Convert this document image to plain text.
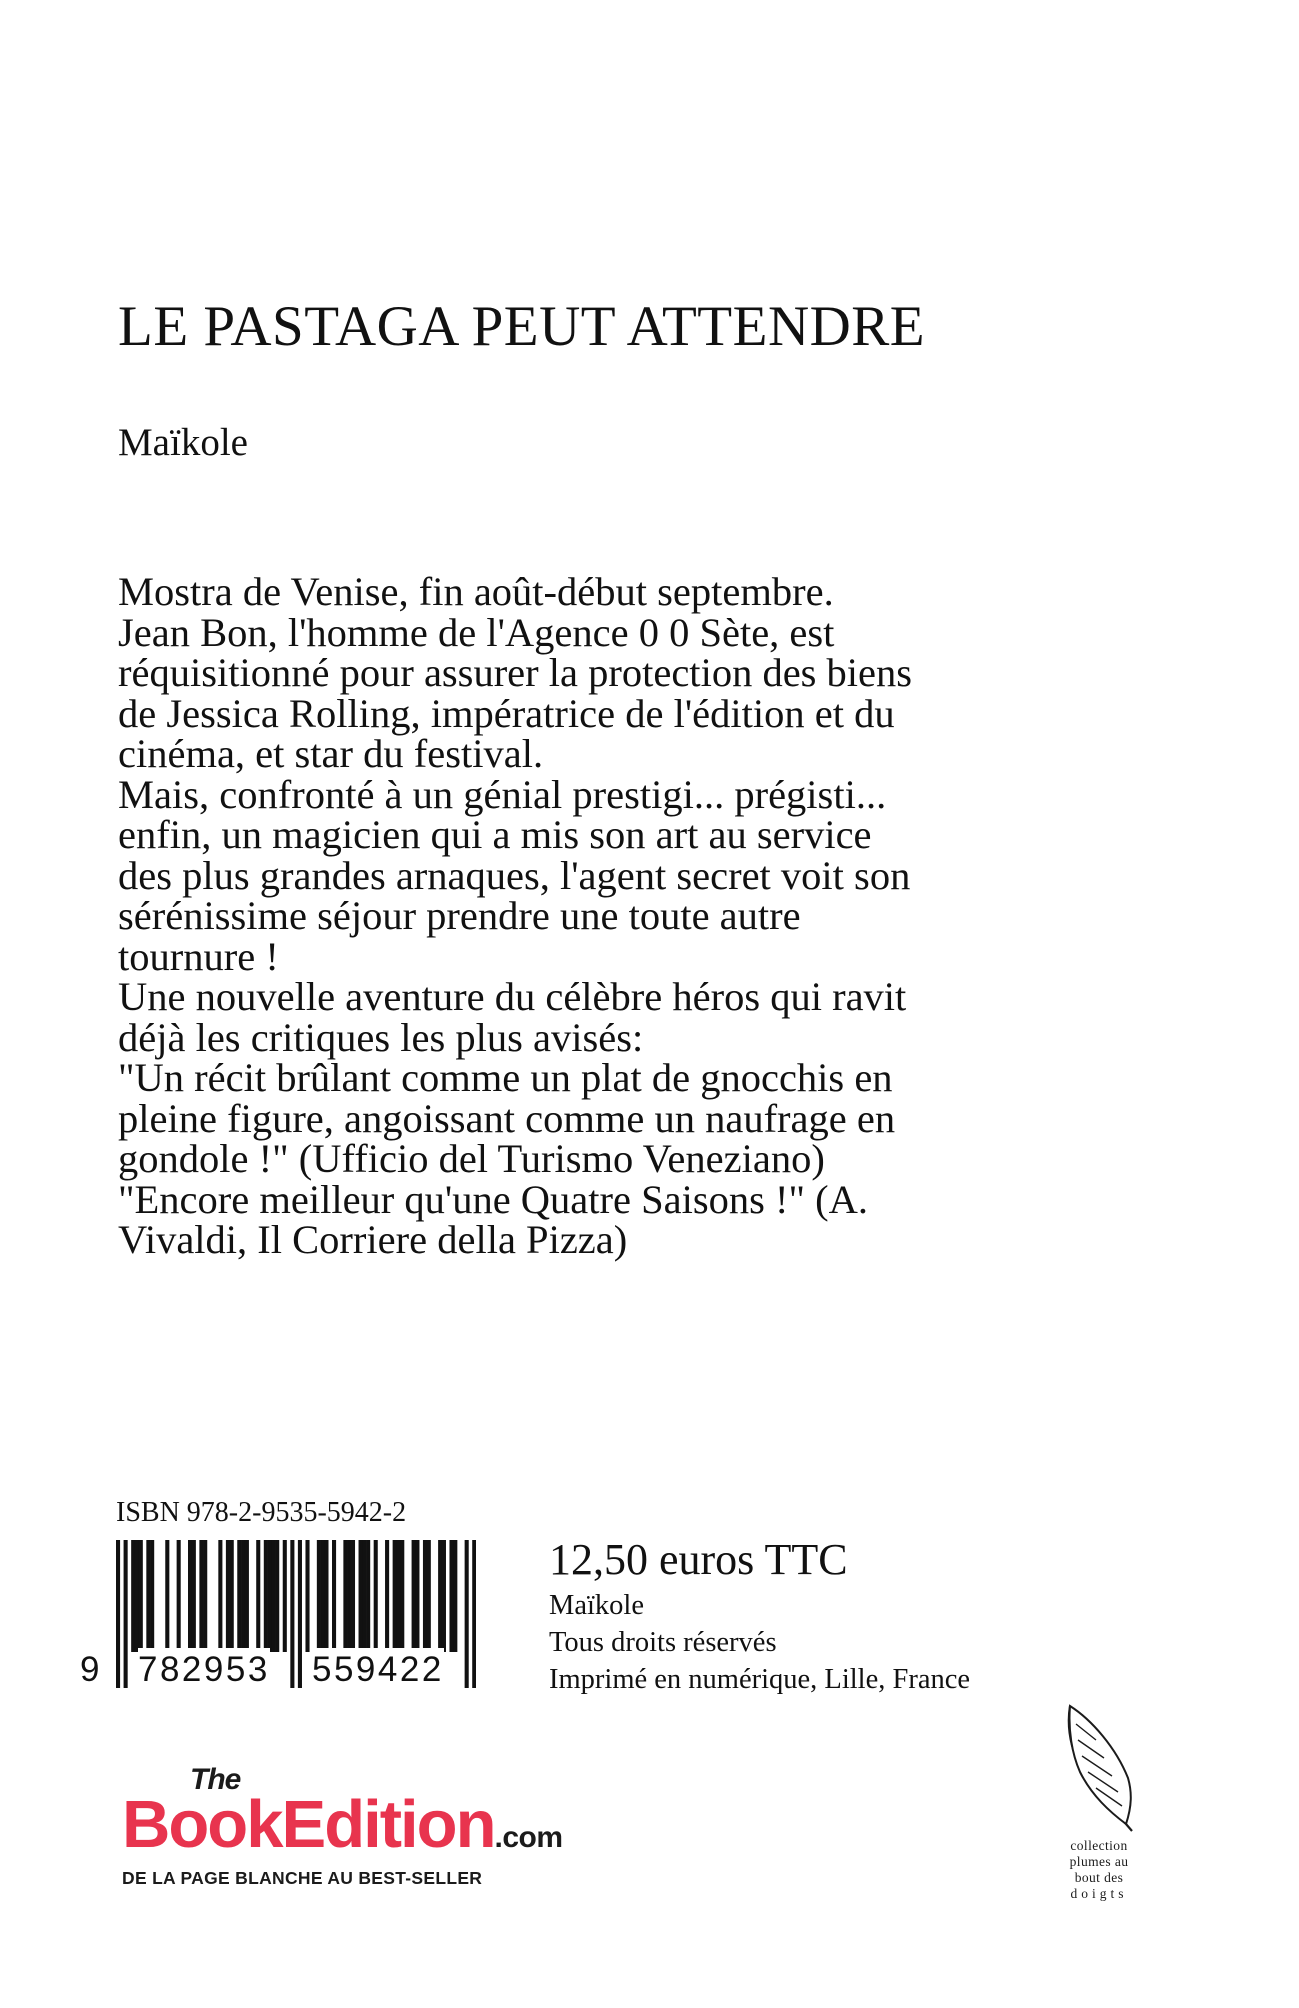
LE PASTAGA PEUT ATTENDRE
Maïkole

Mostra de Venise, fin août-début septembre.

Jean Bon, l'homme de l'Agence 0 0 Sète, est réquisitionné pour assurer la protection des biens de Jessica Rolling, impératrice de l'édition et du cinéma, et star du festival.

Mais, confronté à un génial prestigi... prégisti... enfin, un magicien qui a mis son art au service des plus grandes arnaques, l'agent secret voit son sérénissime séjour prendre une toute autre tournure !

Une nouvelle aventure du célèbre héros qui ravit déjà les critiques les plus avisés:

"Un récit brûlant comme un plat de gnocchis en pleine figure, angoissant comme un naufrage en gondole !" (Ufficio del Turismo Veneziano)

"Encore meilleur qu'une Quatre Saisons !" (A. Vivaldi, Il Corriere della Pizza)

ISBN 978-2-9535-5942-2
9 782953 559422
12,50 euros TTC
Maïkole
Tous droits réservés
Imprimé en numérique, Lille, France
The
BookEdition.com
DE LA PAGE BLANCHE AU BEST-SELLER
collection
plumes au
bout des
doigts
